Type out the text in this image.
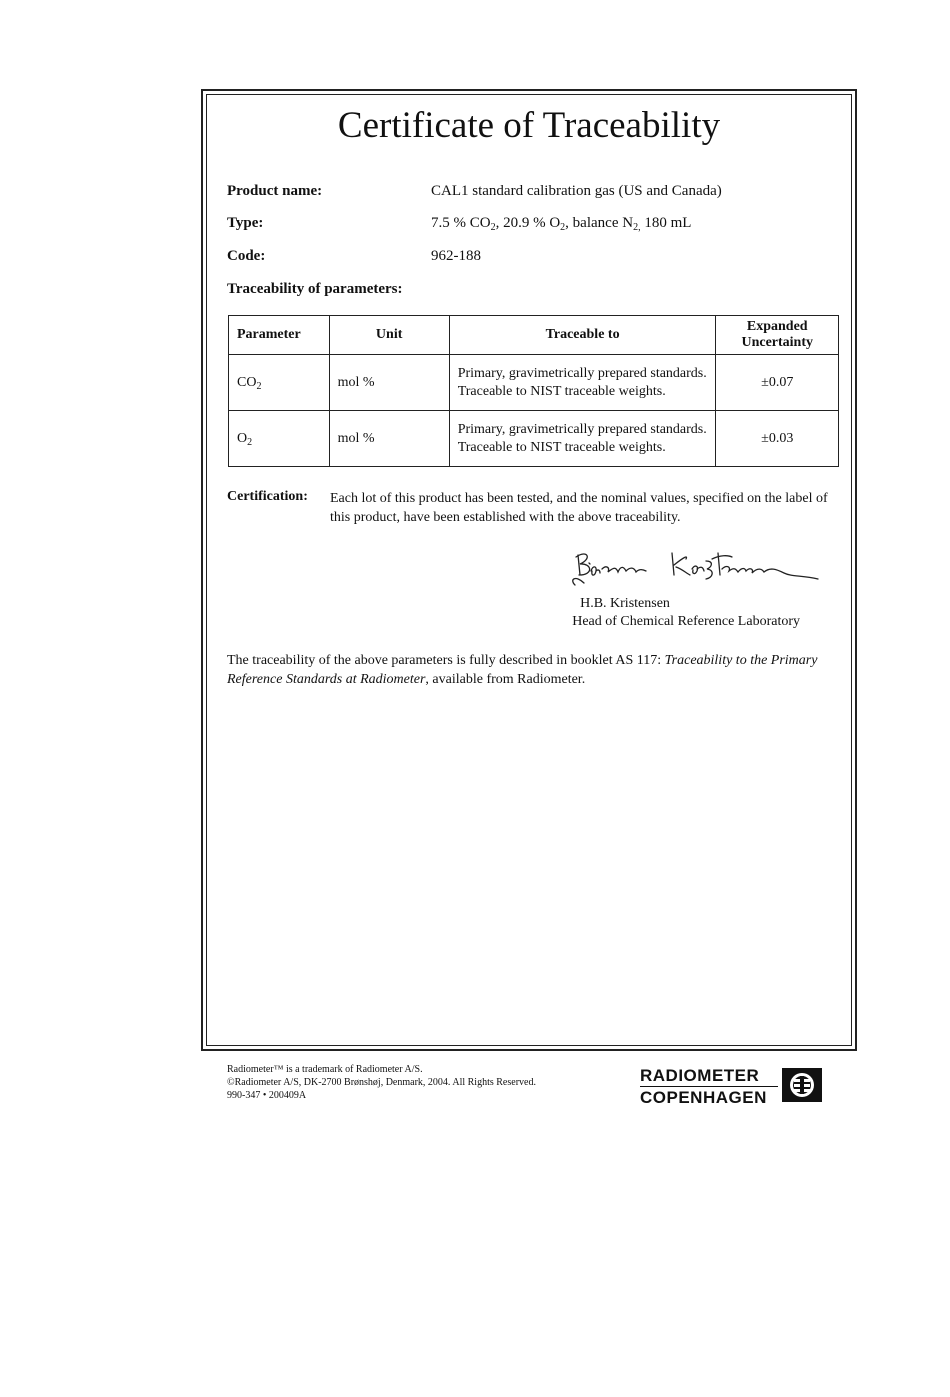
Certificate of Traceability
Product name:	CAL1 standard calibration gas (US and Canada)
Type:	7.5 % $CO_2$, 20.9 % $O_2$, balance $N_{2,}$ 180 mL
Code:	962-188
Traceability of parameters:
Parameter	Unit	Traceable to	Expanded
Uncertainty
$CO_2$	mol %	Primary, gravimetrically prepared standards. Traceable to NIST traceable weights.	±0.07
$O_2$	mol %	Primary, gravimetrically prepared standards. Traceable to NIST traceable weights.	±0.03
Certification: Each lot of this product has been tested, and the nominal values, specified on the label of this product, have been established with the above traceability.
H.B. Kristensen
Head of Chemical Reference Laboratory
The traceability of the above parameters is fully described in booklet AS 117: Traceability to the Primary Reference Standards at Radiometer, available from Radiometer.
Radiometer™ is a trademark of Radiometer A/S.
©Radiometer A/S, DK-2700 Brønshøj, Denmark, 2004. All Rights Reserved.
990-347 • 200409A
RADIOMETER
COPENHAGEN
